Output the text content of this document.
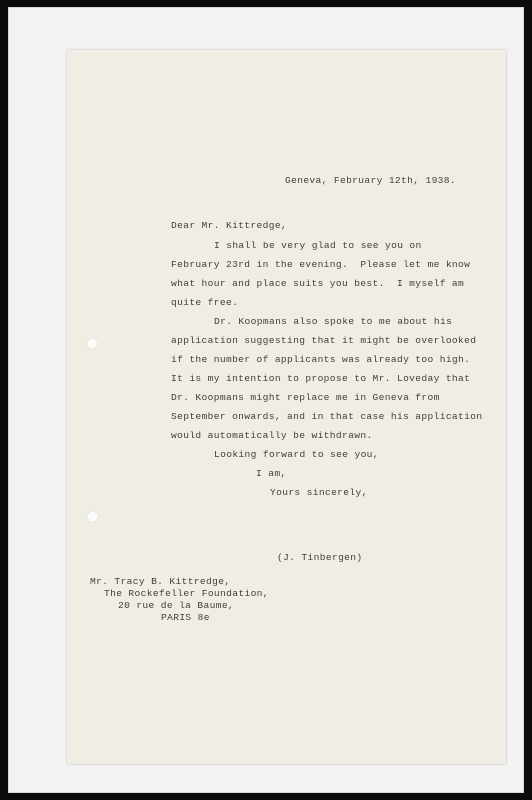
Geneva, February 12th, 1938.
Dear Mr. Kittredge,
I shall be very glad to see you on
February 23rd in the evening.  Please let me know
what hour and place suits you best.  I myself am
quite free.
Dr. Koopmans also spoke to me about his
application suggesting that it might be overlooked
if the number of applicants was already too high.
It is my intention to propose to Mr. Loveday that
Dr. Koopmans might replace me in Geneva from
September onwards, and in that case his application
would automatically be withdrawn.
Looking forward to see you,
I am,
Yours sincerely,
(J. Tinbergen)
Mr. Tracy B. Kittredge,
The Rockefeller Foundation,
20 rue de la Baume,
PARIS 8e
